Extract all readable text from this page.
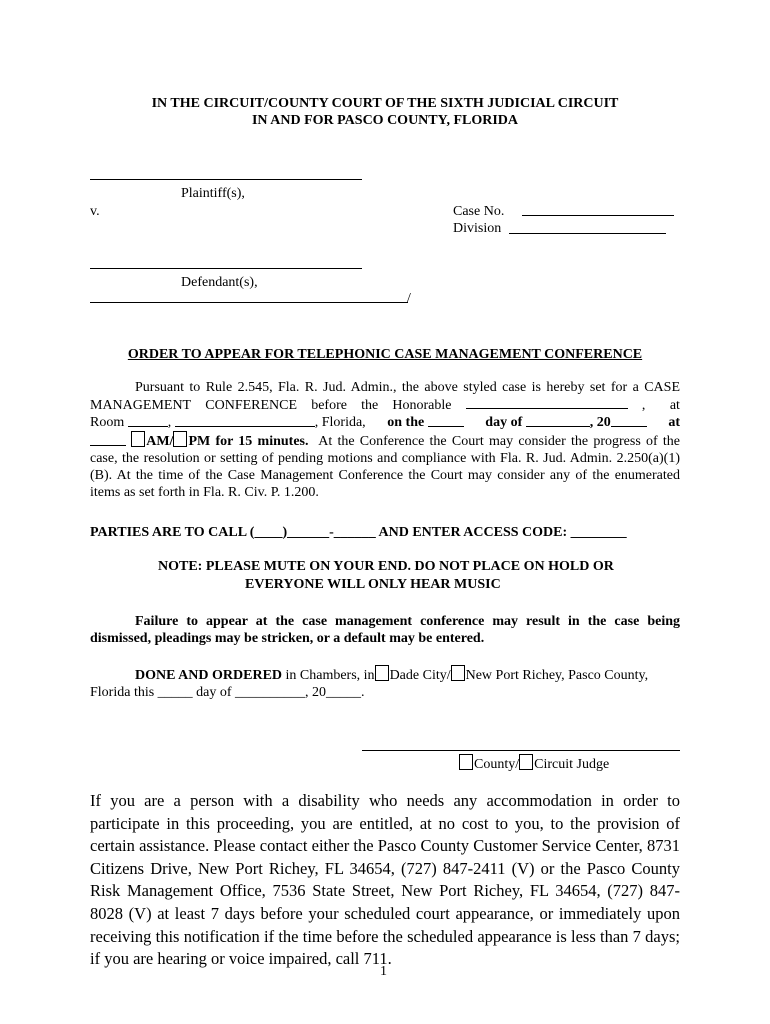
IN THE CIRCUIT/COUNTY COURT OF THE SIXTH JUDICIAL CIRCUIT
IN AND FOR PASCO COUNTY, FLORIDA
Plaintiff(s),
v.	Case No.
Division
Defendant(s),
/
ORDER TO APPEAR FOR TELEPHONIC CASE MANAGEMENT CONFERENCE
Pursuant to Rule 2.545, Fla. R. Jud. Admin., the above styled case is hereby set for a CASE
MANAGEMENT CONFERENCE before the Honorable	,       at
Room	,	, Florida, on the	day of	, 20	at
AM/ PM for 15 minutes. At the Conference the Court may consider the progress of the case, the resolution or setting of pending motions and compliance with Fla. R. Jud. Admin. 2.250(a)(1)(B). At the time of the Case Management Conference the Court may consider any of the enumerated items as set forth in Fla. R. Civ. P. 1.200.
PARTIES ARE TO CALL (____)______-______ AND ENTER ACCESS CODE: ________
NOTE: PLEASE MUTE ON YOUR END. DO NOT PLACE ON HOLD OR
EVERYONE WILL ONLY HEAR MUSIC
Failure to appear at the case management conference may result in the case being dismissed, pleadings may be stricken, or a default may be entered.
DONE AND ORDERED in Chambers, in Dade City/ New Port Richey, Pasco County,
Florida this _____ day of __________, 20_____.
County/ Circuit Judge
If you are a person with a disability who needs any accommodation in order to participate in this proceeding, you are entitled, at no cost to you, to the provision of certain assistance. Please contact either the Pasco County Customer Service Center, 8731 Citizens Drive, New Port Richey, FL 34654, (727) 847-2411 (V) or the Pasco County Risk Management Office, 7536 State Street, New Port Richey, FL 34654, (727) 847-8028 (V) at least 7 days before your scheduled court appearance, or immediately upon receiving this notification if the time before the scheduled appearance is less than 7 days; if you are hearing or voice impaired, call 711.
1
